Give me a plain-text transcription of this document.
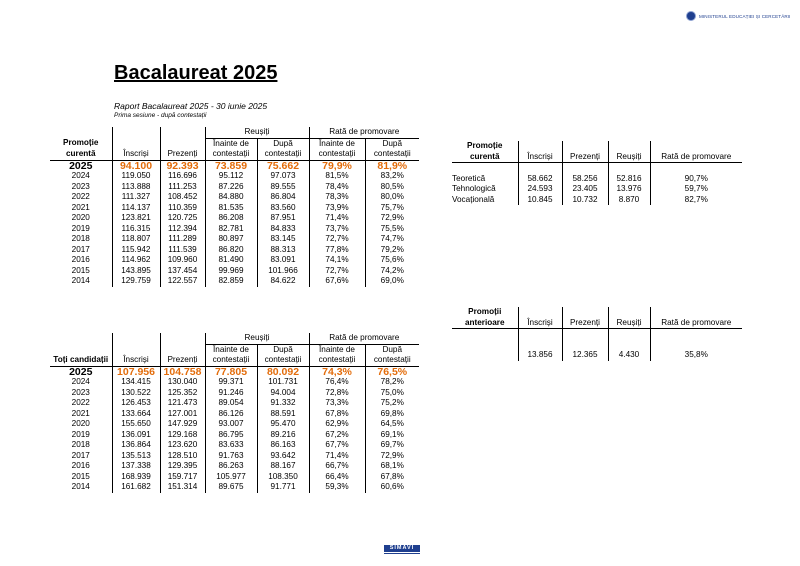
MINISTERUL EDUCAȚIEI ȘI CERCETĂRII
Bacalaureat 2025
Raport Bacalaureat 2025 - 30 iunie 2025
Prima sesiune - după contestații
			Reușiți		Rată de promovare	
Promoție			Înainte de	După	Înainte de	După
curentă	Înscriși	Prezenți	contestații	contestații	contestații	contestații
2025	94.100	92.393	73.859	75.662	79,9%	81,9%
2024	119.050	116.696	95.112	97.073	81,5%	83,2%
2023	113.888	111.253	87.226	89.555	78,4%	80,5%
2022	111.327	108.452	84.880	86.804	78,3%	80,0%
2021	114.137	110.359	81.535	83.560	73,9%	75,7%
2020	123.821	120.725	86.208	87.951	71,4%	72,9%
2019	116.315	112.394	82.781	84.833	73,7%	75,5%
2018	118.807	111.289	80.897	83.145	72,7%	74,7%
2017	115.942	111.539	86.820	88.313	77,8%	79,2%
2016	114.962	109.960	81.490	83.091	74,1%	75,6%
2015	143.895	137.454	99.969	101.966	72,7%	74,2%
2014	129.759	122.557	82.859	84.622	67,6%	69,0%
			Reușiți		Rată de promovare	
			Înainte de	După	Înainte de	După
Toți candidații	Înscriși	Prezenți	contestații	contestații	contestații	contestații
2025	107.956	104.758	77.805	80.092	74,3%	76,5%
2024	134.415	130.040	99.371	101.731	76,4%	78,2%
2023	130.522	125.352	91.246	94.004	72,8%	75,0%
2022	126.453	121.473	89.054	91.332	73,3%	75,2%
2021	133.664	127.001	86.126	88.591	67,8%	69,8%
2020	155.650	147.929	93.007	95.470	62,9%	64,5%
2019	136.091	129.168	86.795	89.216	67,2%	69,1%
2018	136.864	123.620	83.633	86.163	67,7%	69,7%
2017	135.513	128.510	91.763	93.642	71,4%	72,9%
2016	137.338	129.395	86.263	88.167	66,7%	68,1%
2015	168.939	159.717	105.977	108.350	66,4%	67,8%
2014	161.682	151.314	89.675	91.771	59,3%	60,6%
Promoție				
curentă	Înscriși	Prezenți	Reușiți	Rată de promovare

Teoretică	58.662	58.256	52.816	90,7%
Tehnologică	24.593	23.405	13.976	59,7%
Vocațională	10.845	10.732	8.870	82,7%
Promoții				
anterioare	Înscriși	Prezenți	Reușiți	Rată de promovare

	13.856	12.365	4.430	35,8%
SIMAVI
